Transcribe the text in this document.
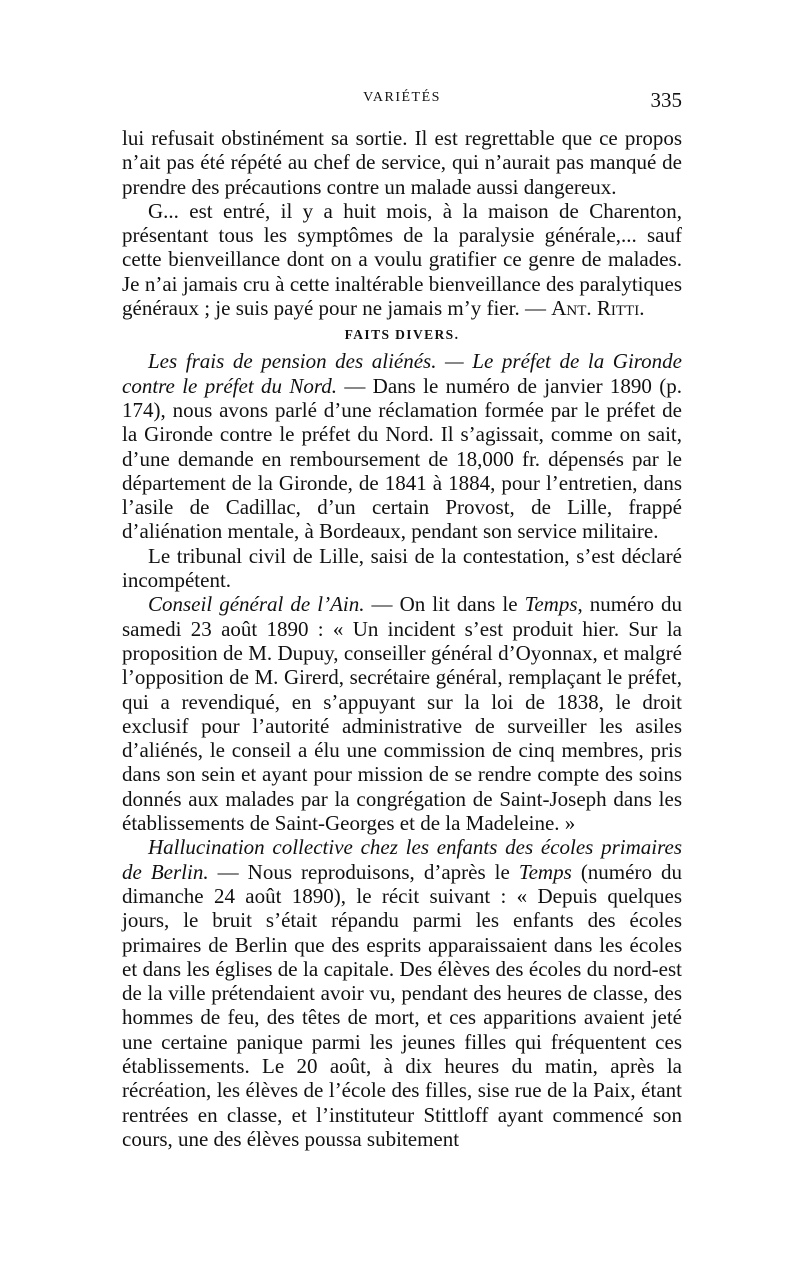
VARIÉTÉS	335

lui refusait obstinément sa sortie. Il est regrettable que ce propos n’ait pas été répété au chef de service, qui n’aurait pas manqué de prendre des précautions contre un malade aussi dangereux.

G... est entré, il y a huit mois, à la maison de Charenton, présentant tous les symptômes de la paralysie générale,... sauf cette bienveillance dont on a voulu gratifier ce genre de malades. Je n’ai jamais cru à cette inaltérable bienveillance des paralytiques généraux ; je suis payé pour ne jamais m’y fier. — Ant. Ritti.

FAITS DIVERS.

Les frais de pension des aliénés. — Le préfet de la Gironde contre le préfet du Nord. — Dans le numéro de janvier 1890 (p. 174), nous avons parlé d’une réclamation formée par le préfet de la Gironde contre le préfet du Nord. Il s’agissait, comme on sait, d’une demande en remboursement de 18,000 fr. dépensés par le département de la Gironde, de 1841 à 1884, pour l’entretien, dans l’asile de Cadillac, d’un certain Provost, de Lille, frappé d’aliénation mentale, à Bordeaux, pendant son service militaire.

Le tribunal civil de Lille, saisi de la contestation, s’est déclaré incompétent.

Conseil général de l’Ain. — On lit dans le Temps, numéro du samedi 23 août 1890 : « Un incident s’est produit hier. Sur la proposition de M. Dupuy, conseiller général d’Oyonnax, et malgré l’opposition de M. Girerd, secrétaire général, remplaçant le préfet, qui a revendiqué, en s’appuyant sur la loi de 1838, le droit exclusif pour l’autorité administrative de surveiller les asiles d’aliénés, le conseil a élu une commission de cinq membres, pris dans son sein et ayant pour mission de se rendre compte des soins donnés aux malades par la congrégation de Saint-Joseph dans les établissements de Saint-Georges et de la Madeleine. »

Hallucination collective chez les enfants des écoles primaires de Berlin. — Nous reproduisons, d’après le Temps (numéro du dimanche 24 août 1890), le récit suivant : « Depuis quelques jours, le bruit s’était répandu parmi les enfants des écoles primaires de Berlin que des esprits apparaissaient dans les écoles et dans les églises de la capitale. Des élèves des écoles du nord-est de la ville prétendaient avoir vu, pendant des heures de classe, des hommes de feu, des têtes de mort, et ces apparitions avaient jeté une certaine panique parmi les jeunes filles qui fréquentent ces établissements. Le 20 août, à dix heures du matin, après la récréation, les élèves de l’école des filles, sise rue de la Paix, étant rentrées en classe, et l’instituteur Stittloff ayant commencé son cours, une des élèves poussa subitement
